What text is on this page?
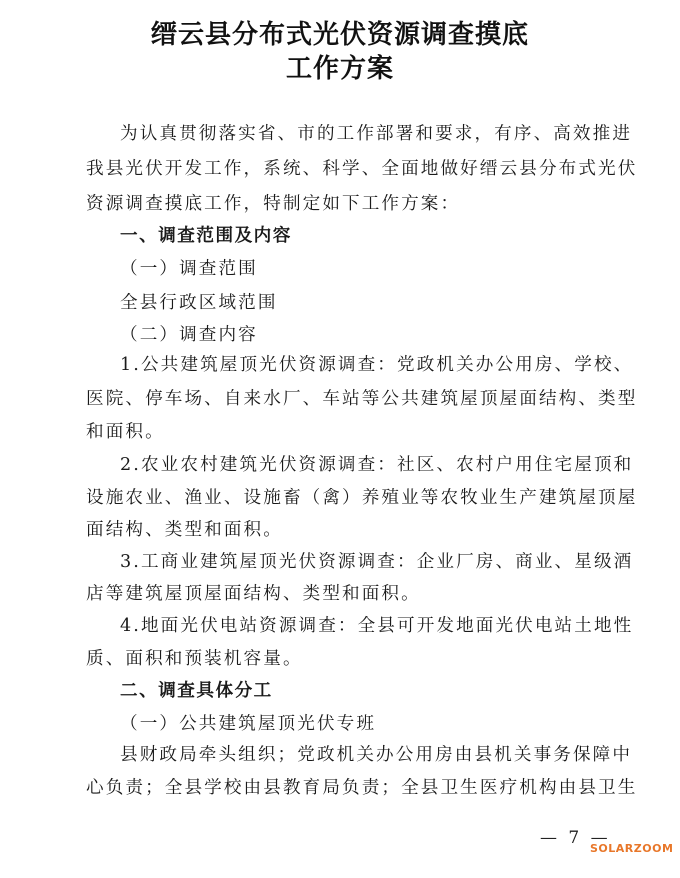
缙云县分布式光伏资源调查摸底
工作方案
为认真贯彻落实省、市的工作部署和要求，有序、高效推进
我县光伏开发工作，系统、科学、全面地做好缙云县分布式光伏
资源调查摸底工作，特制定如下工作方案：
一、调查范围及内容
（一）调查范围
全县行政区域范围
（二）调查内容
1.公共建筑屋顶光伏资源调查：党政机关办公用房、学校、
医院、停车场、自来水厂、车站等公共建筑屋顶屋面结构、类型
和面积。
2.农业农村建筑光伏资源调查：社区、农村户用住宅屋顶和
设施农业、渔业、设施畜（禽）养殖业等农牧业生产建筑屋顶屋
面结构、类型和面积。
3.工商业建筑屋顶光伏资源调查：企业厂房、商业、星级酒
店等建筑屋顶屋面结构、类型和面积。
4.地面光伏电站资源调查：全县可开发地面光伏电站土地性
质、面积和预装机容量。
二、调查具体分工
（一）公共建筑屋顶光伏专班
县财政局牵头组织；党政机关办公用房由县机关事务保障中
心负责；全县学校由县教育局负责；全县卫生医疗机构由县卫生
— 7 —
SOLARZOOM
